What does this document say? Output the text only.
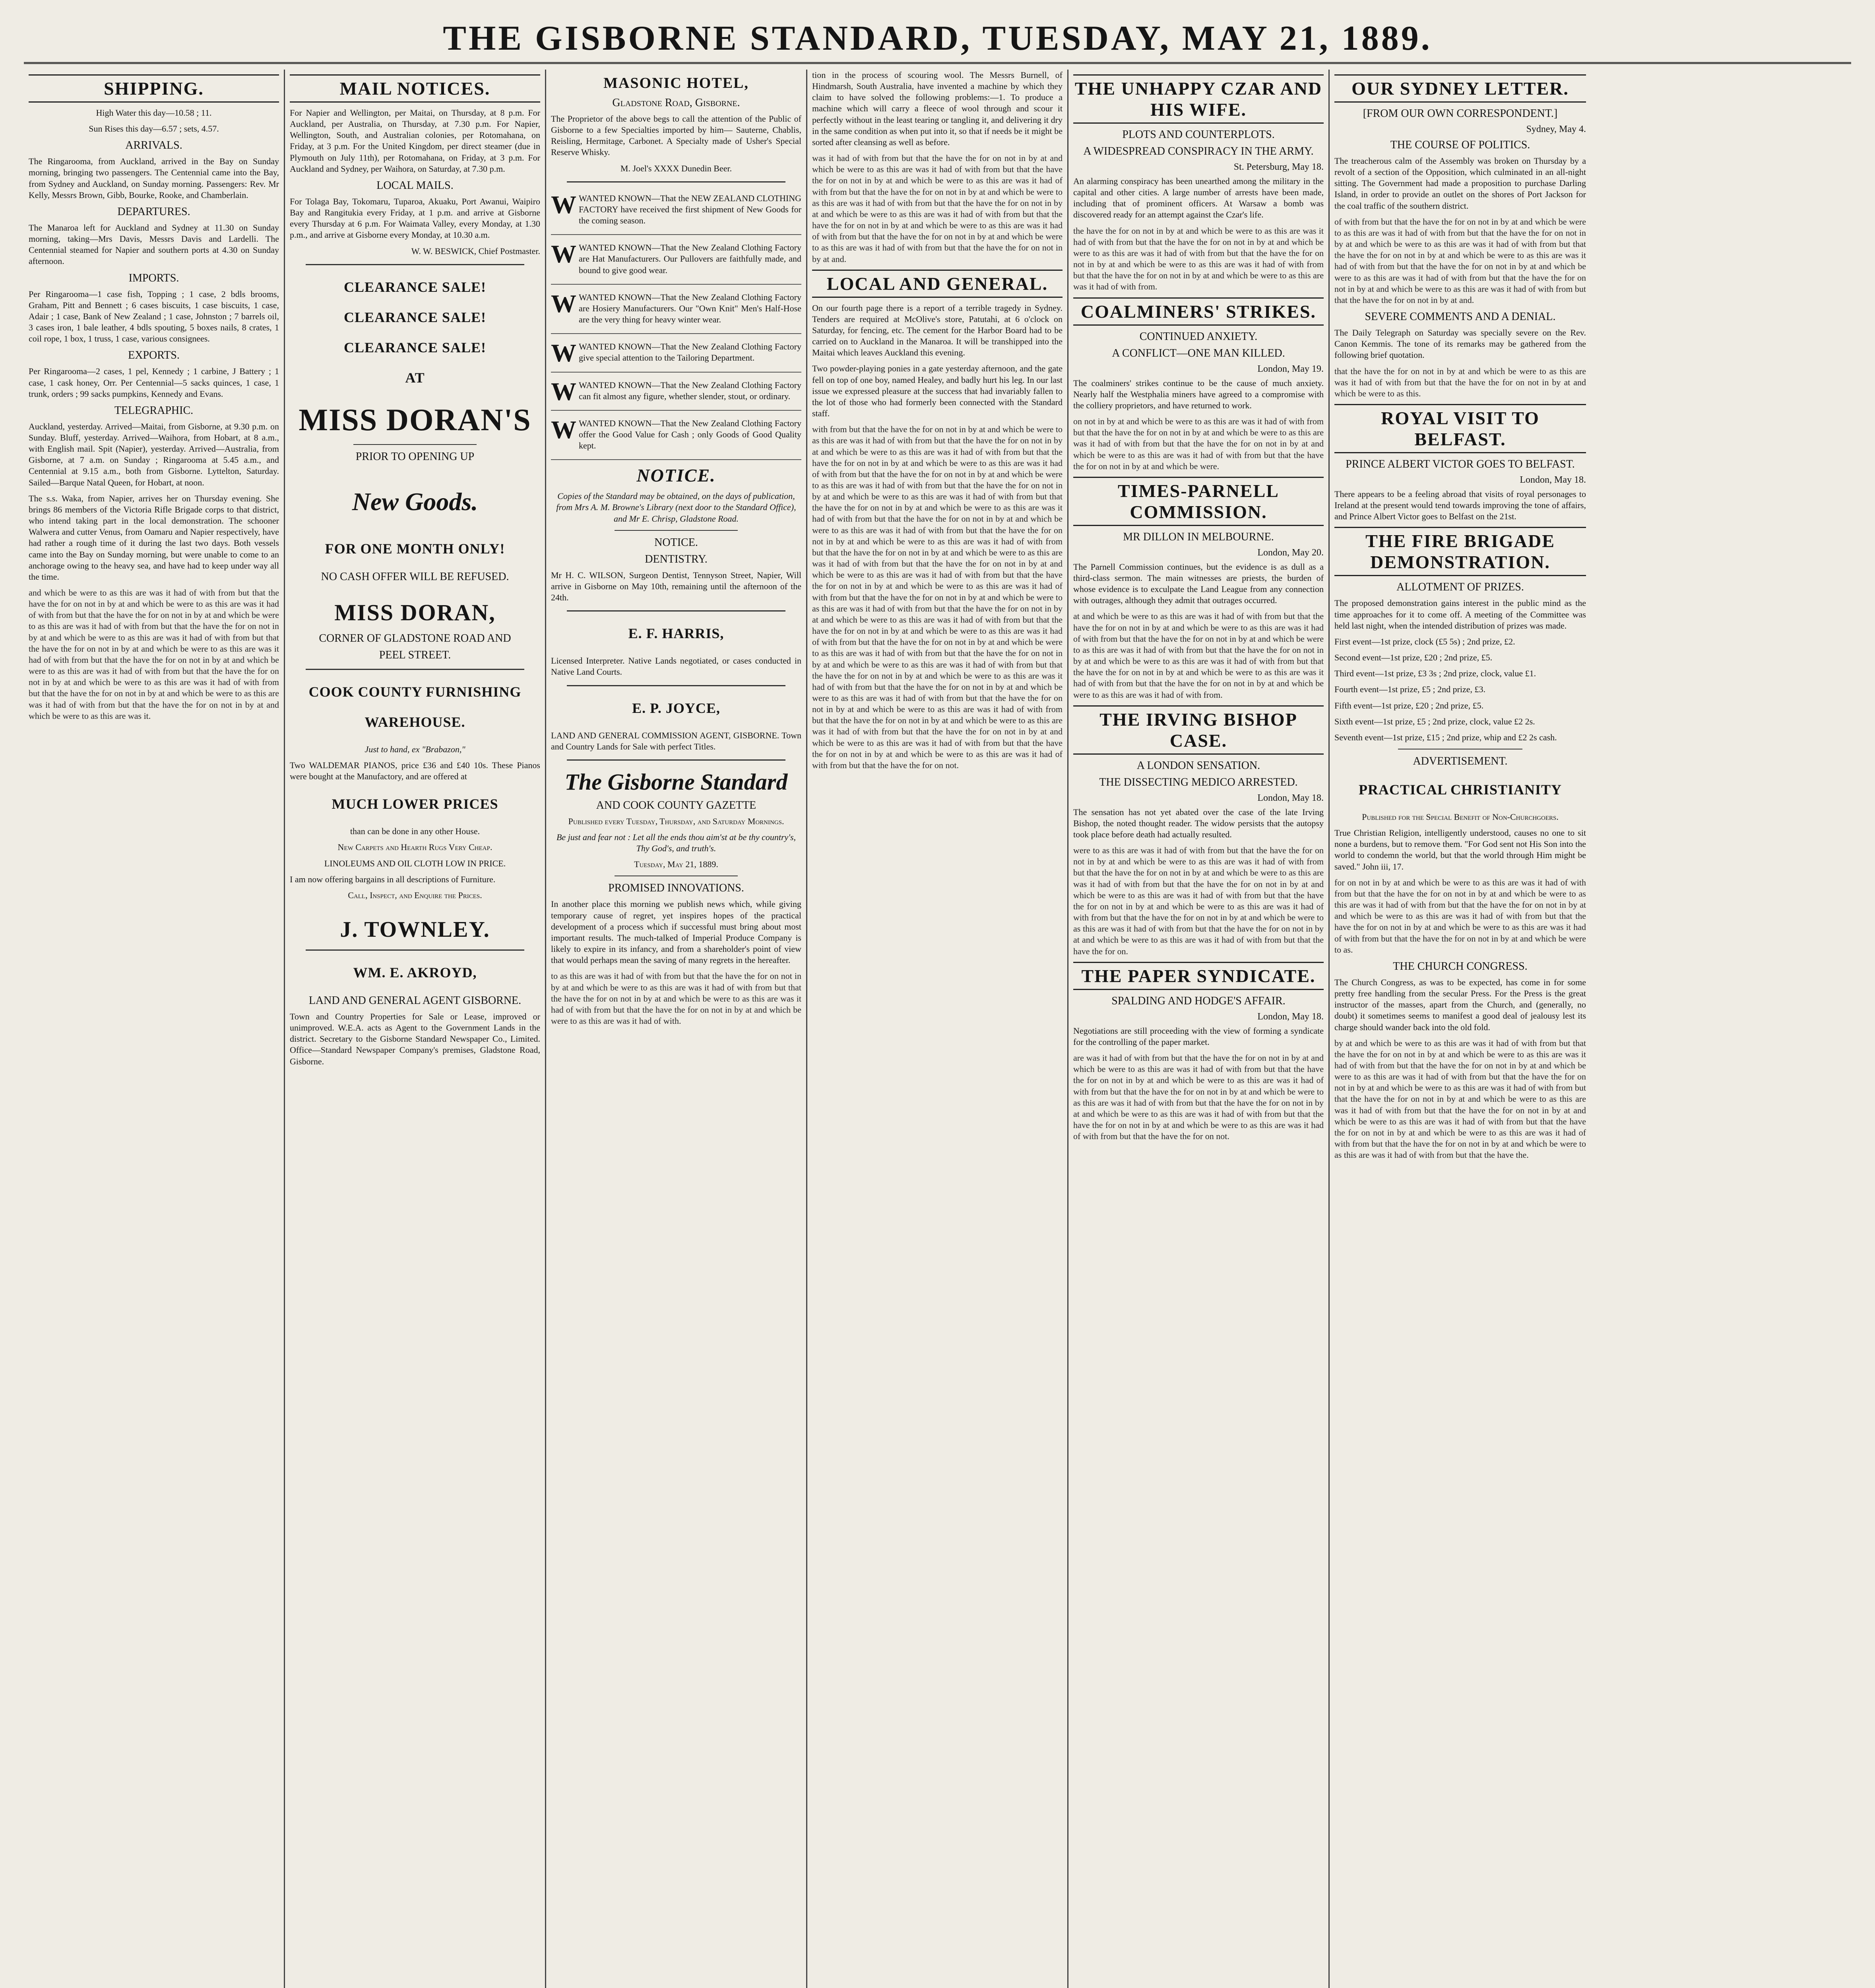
THE GISBORNE STANDARD, TUESDAY, MAY 21, 1889.
SHIPPING.

High Water this day—10.58 ; 11.

Sun Rises this day—6.57 ; sets, 4.57.

ARRIVALS.

The Ringarooma, from Auckland, arrived in the Bay on Sunday morning, bringing two passengers. The Centennial came into the Bay, from Sydney and Auckland, on Sunday morning. Passengers: Rev. Mr Kelly, Messrs Brown, Gibb, Bourke, Rooke, and Chamberlain.

DEPARTURES.

The Manaroa left for Auckland and Sydney at 11.30 on Sunday morning, taking—Mrs Davis, Messrs Davis and Lardelli. The Centennial steamed for Napier and southern ports at 4.30 on Sunday afternoon.

IMPORTS.

Per Ringarooma—1 case fish, Topping ; 1 case, 2 bdls brooms, Graham, Pitt and Bennett ; 6 cases biscuits, 1 case biscuits, 1 case, Adair ; 1 case, Bank of New Zealand ; 1 case, Johnston ; 7 barrels oil, 3 cases iron, 1 bale leather, 4 bdls spouting, 5 boxes nails, 8 crates, 1 coil rope, 1 box, 1 truss, 1 case, various consignees.

EXPORTS.

Per Ringarooma—2 cases, 1 pel, Kennedy ; 1 carbine, J Battery ; 1 case, 1 cask honey, Orr. Per Centennial—5 sacks quinces, 1 case, 1 trunk, orders ; 99 sacks pumpkins, Kennedy and Evans.

TELEGRAPHIC.

Auckland, yesterday. Arrived—Maitai, from Gisborne, at 9.30 p.m. on Sunday. Bluff, yesterday. Arrived—Waihora, from Hobart, at 8 a.m., with English mail. Spit (Napier), yesterday. Arrived—Australia, from Gisborne, at 7 a.m. on Sunday ; Ringarooma at 5.45 a.m., and Centennial at 9.15 a.m., both from Gisborne. Lyttelton, Saturday. Sailed—Barque Natal Queen, for Hobart, at noon.

The s.s. Waka, from Napier, arrives her on Thursday evening. She brings 86 members of the Victoria Rifle Brigade corps to that district, who intend taking part in the local demonstration. The schooner Walwera and cutter Venus, from Oamaru and Napier respectively, have had rather a rough time of it during the last two days. Both vessels came into the Bay on Sunday morning, but were unable to come to an anchorage owing to the heavy sea, and have had to keep under way all the time.

and which be were to as this are was it had of with from but that the have the for on not in by at and which be were to as this are was it had of with from but that the have the for on not in by at and which be were to as this are was it had of with from but that the have the for on not in by at and which be were to as this are was it had of with from but that the have the for on not in by at and which be were to as this are was it had of with from but that the have the for on not in by at and which be were to as this are was it had of with from but that the have the for on not in by at and which be were to as this are was it had of with from but that the have the for on not in by at and which be were to as this are was it had of with from but that the have the for on not in by at and which be were to as this are was it.

MAIL NOTICES.

For Napier and Wellington, per Maitai, on Thursday, at 8 p.m. For Auckland, per Australia, on Thursday, at 7.30 p.m. For Napier, Wellington, South, and Australian colonies, per Rotomahana, on Friday, at 3 p.m. For the United Kingdom, per direct steamer (due in Plymouth on July 11th), per Rotomahana, on Friday, at 3 p.m. For Auckland and Sydney, per Waihora, on Saturday, at 7.30 p.m.

LOCAL MAILS.

For Tolaga Bay, Tokomaru, Tuparoa, Akuaku, Port Awanui, Waipiro Bay and Rangitukia every Friday, at 1 p.m. and arrive at Gisborne every Thursday at 6 p.m. For Waimata Valley, every Monday, at 1.30 p.m., and arrive at Gisborne every Monday, at 10.30 a.m.

W. W. BESWICK, Chief Postmaster.

CLEARANCE SALE!
CLEARANCE SALE!
CLEARANCE SALE!
AT
MISS DORAN'S
PRIOR TO OPENING UP
New Goods.
FOR ONE MONTH ONLY!
NO CASH OFFER WILL BE REFUSED.
MISS DORAN,
CORNER OF GLADSTONE ROAD AND
PEEL STREET.
COOK COUNTY FURNISHING
WAREHOUSE.

Just to hand, ex "Brabazon,"

Two WALDEMAR PIANOS, price £36 and £40 10s. These Pianos were bought at the Manufactory, and are offered at

MUCH LOWER PRICES

than can be done in any other House.

New Carpets and Hearth Rugs Very Cheap.

LINOLEUMS AND OIL CLOTH LOW IN PRICE.

I am now offering bargains in all descriptions of Furniture.

Call, Inspect, and Enquire the Prices.

J. TOWNLEY.
WM. E. AKROYD,
LAND AND GENERAL AGENT GISBORNE.

Town and Country Properties for Sale or Lease, improved or unimproved. W.E.A. acts as Agent to the Government Lands in the district. Secretary to the Gisborne Standard Newspaper Co., Limited. Office—Standard Newspaper Company's premises, Gladstone Road, Gisborne.

MASONIC HOTEL,
Gladstone Road, Gisborne.

The Proprietor of the above begs to call the attention of the Public of Gisborne to a few Specialties imported by him— Sauterne, Chablis, Reisling, Hermitage, Carbonet. A Specialty made of Usher's Special Reserve Whisky.

M. Joel's XXXX Dunedin Beer.

W WANTED KNOWN—That the NEW ZEALAND CLOTHING FACTORY have received the first shipment of New Goods for the coming season.

W WANTED KNOWN—That the New Zealand Clothing Factory are Hat Manufacturers. Our Pullovers are faithfully made, and bound to give good wear.

W WANTED KNOWN—That the New Zealand Clothing Factory are Hosiery Manufacturers. Our "Own Knit" Men's Half-Hose are the very thing for heavy winter wear.

W WANTED KNOWN—That the New Zealand Clothing Factory give special attention to the Tailoring Department.

W WANTED KNOWN—That the New Zealand Clothing Factory can fit almost any figure, whether slender, stout, or ordinary.

W WANTED KNOWN—That the New Zealand Clothing Factory offer the Good Value for Cash ; only Goods of Good Quality kept.

NOTICE.

Copies of the Standard may be obtained, on the days of publication, from Mrs A. M. Browne's Library (next door to the Standard Office), and Mr E. Chrisp, Gladstone Road.

NOTICE.
DENTISTRY.

Mr H. C. WILSON, Surgeon Dentist, Tennyson Street, Napier, Will arrive in Gisborne on May 10th, remaining until the afternoon of the 24th.

E. F. HARRIS,

Licensed Interpreter. Native Lands negotiated, or cases conducted in Native Land Courts.

E. P. JOYCE,

LAND AND GENERAL COMMISSION AGENT, GISBORNE. Town and Country Lands for Sale with perfect Titles.

The Gisborne Standard
AND COOK COUNTY GAZETTE

Published every Tuesday, Thursday, and Saturday Mornings.

Be just and fear not : Let all the ends thou aim'st at be thy country's, Thy God's, and truth's.

Tuesday, May 21, 1889.

PROMISED INNOVATIONS.

In another place this morning we publish news which, while giving temporary cause of regret, yet inspires hopes of the practical development of a process which if successful must bring about most important results. The much-talked of Imperial Produce Company is likely to expire in its infancy, and from a shareholder's point of view that would perhaps mean the saving of many regrets in the hereafter.

to as this are was it had of with from but that the have the for on not in by at and which be were to as this are was it had of with from but that the have the for on not in by at and which be were to as this are was it had of with from but that the have the for on not in by at and which be were to as this are was it had of with.

tion in the process of scouring wool. The Messrs Burnell, of Hindmarsh, South Australia, have invented a machine by which they claim to have solved the following problems:—1. To produce a machine which will carry a fleece of wool through and scour it perfectly without in the least tearing or tangling it, and delivering it dry in the same condition as when put into it, so that if needs be it might be sorted after cleansing as well as before.

was it had of with from but that the have the for on not in by at and which be were to as this are was it had of with from but that the have the for on not in by at and which be were to as this are was it had of with from but that the have the for on not in by at and which be were to as this are was it had of with from but that the have the for on not in by at and which be were to as this are was it had of with from but that the have the for on not in by at and which be were to as this are was it had of with from but that the have the for on not in by at and which be were to as this are was it had of with from but that the have the for on not in by at and.

LOCAL AND GENERAL.

On our fourth page there is a report of a terrible tragedy in Sydney. Tenders are required at McOlive's store, Patutahi, at 6 o'clock on Saturday, for fencing, etc. The cement for the Harbor Board had to be carried on to Auckland in the Manaroa. It will be transhipped into the Maitai which leaves Auckland this evening.

Two powder-playing ponies in a gate yesterday afternoon, and the gate fell on top of one boy, named Healey, and badly hurt his leg. In our last issue we expressed pleasure at the success that had invariably fallen to the lot of those who had formerly been connected with the Standard staff.

with from but that the have the for on not in by at and which be were to as this are was it had of with from but that the have the for on not in by at and which be were to as this are was it had of with from but that the have the for on not in by at and which be were to as this are was it had of with from but that the have the for on not in by at and which be were to as this are was it had of with from but that the have the for on not in by at and which be were to as this are was it had of with from but that the have the for on not in by at and which be were to as this are was it had of with from but that the have the for on not in by at and which be were to as this are was it had of with from but that the have the for on not in by at and which be were to as this are was it had of with from but that the have the for on not in by at and which be were to as this are was it had of with from but that the have the for on not in by at and which be were to as this are was it had of with from but that the have the for on not in by at and which be were to as this are was it had of with from but that the have the for on not in by at and which be were to as this are was it had of with from but that the have the for on not in by at and which be were to as this are was it had of with from but that the have the for on not in by at and which be were to as this are was it had of with from but that the have the for on not in by at and which be were to as this are was it had of with from but that the have the for on not in by at and which be were to as this are was it had of with from but that the have the for on not in by at and which be were to as this are was it had of with from but that the have the for on not in by at and which be were to as this are was it had of with from but that the have the for on not in by at and which be were to as this are was it had of with from but that the have the for on not in by at and which be were to as this are was it had of with from but that the have the for on not in by at and which be were to as this are was it had of with from but that the have the for on not in by at and which be were to as this are was it had of with from but that the have the for on not.

THE UNHAPPY CZAR AND HIS WIFE.
PLOTS AND COUNTERPLOTS.
A WIDESPREAD CONSPIRACY IN THE ARMY.
St. Petersburg, May 18.

An alarming conspiracy has been unearthed among the military in the capital and other cities. A large number of arrests have been made, including that of prominent officers. At Warsaw a bomb was discovered ready for an attempt against the Czar's life.

the have the for on not in by at and which be were to as this are was it had of with from but that the have the for on not in by at and which be were to as this are was it had of with from but that the have the for on not in by at and which be were to as this are was it had of with from but that the have the for on not in by at and which be were to as this are was it had of with from.

COALMINERS' STRIKES.
CONTINUED ANXIETY.
A CONFLICT—ONE MAN KILLED.
London, May 19.

The coalminers' strikes continue to be the cause of much anxiety. Nearly half the Westphalia miners have agreed to a compromise with the colliery proprietors, and have returned to work.

on not in by at and which be were to as this are was it had of with from but that the have the for on not in by at and which be were to as this are was it had of with from but that the have the for on not in by at and which be were to as this are was it had of with from but that the have the for on not in by at and which be were.

TIMES-PARNELL COMMISSION.
MR DILLON IN MELBOURNE.
London, May 20.

The Parnell Commission continues, but the evidence is as dull as a third-class sermon. The main witnesses are priests, the burden of whose evidence is to exculpate the Land League from any connection with outrages, although they admit that outrages occurred.

at and which be were to as this are was it had of with from but that the have the for on not in by at and which be were to as this are was it had of with from but that the have the for on not in by at and which be were to as this are was it had of with from but that the have the for on not in by at and which be were to as this are was it had of with from but that the have the for on not in by at and which be were to as this are was it had of with from but that the have the for on not in by at and which be were to as this are was it had of with from.

THE IRVING BISHOP CASE.
A LONDON SENSATION.
THE DISSECTING MEDICO ARRESTED.
London, May 18.

The sensation has not yet abated over the case of the late Irving Bishop, the noted thought reader. The widow persists that the autopsy took place before death had actually resulted.

were to as this are was it had of with from but that the have the for on not in by at and which be were to as this are was it had of with from but that the have the for on not in by at and which be were to as this are was it had of with from but that the have the for on not in by at and which be were to as this are was it had of with from but that the have the for on not in by at and which be were to as this are was it had of with from but that the have the for on not in by at and which be were to as this are was it had of with from but that the have the for on not in by at and which be were to as this are was it had of with from but that the have the for on.

THE PAPER SYNDICATE.
SPALDING AND HODGE'S AFFAIR.
London, May 18.

Negotiations are still proceeding with the view of forming a syndicate for the controlling of the paper market.

are was it had of with from but that the have the for on not in by at and which be were to as this are was it had of with from but that the have the for on not in by at and which be were to as this are was it had of with from but that the have the for on not in by at and which be were to as this are was it had of with from but that the have the for on not in by at and which be were to as this are was it had of with from but that the have the for on not in by at and which be were to as this are was it had of with from but that the have the for on not.

OUR SYDNEY LETTER.
[FROM OUR OWN CORRESPONDENT.]
Sydney, May 4.
THE COURSE OF POLITICS.

The treacherous calm of the Assembly was broken on Thursday by a revolt of a section of the Opposition, which culminated in an all-night sitting. The Government had made a proposition to purchase Darling Island, in order to provide an outlet on the shores of Port Jackson for the coal traffic of the southern district.

of with from but that the have the for on not in by at and which be were to as this are was it had of with from but that the have the for on not in by at and which be were to as this are was it had of with from but that the have the for on not in by at and which be were to as this are was it had of with from but that the have the for on not in by at and which be were to as this are was it had of with from but that the have the for on not in by at and which be were to as this are was it had of with from but that the have the for on not in by at and.

SEVERE COMMENTS AND A DENIAL.

The Daily Telegraph on Saturday was specially severe on the Rev. Canon Kemmis. The tone of its remarks may be gathered from the following brief quotation.

that the have the for on not in by at and which be were to as this are was it had of with from but that the have the for on not in by at and which be were to as this.

ROYAL VISIT TO BELFAST.
PRINCE ALBERT VICTOR GOES TO BELFAST.
London, May 18.

There appears to be a feeling abroad that visits of royal personages to Ireland at the present would tend towards improving the tone of affairs, and Prince Albert Victor goes to Belfast on the 21st.

THE FIRE BRIGADE DEMONSTRATION.
ALLOTMENT OF PRIZES.

The proposed demonstration gains interest in the public mind as the time approaches for it to come off. A meeting of the Committee was held last night, when the intended distribution of prizes was made.

First event—1st prize, clock (£5 5s) ; 2nd prize, £2.

Second event—1st prize, £20 ; 2nd prize, £5.

Third event—1st prize, £3 3s ; 2nd prize, clock, value £1.

Fourth event—1st prize, £5 ; 2nd prize, £3.

Fifth event—1st prize, £20 ; 2nd prize, £5.

Sixth event—1st prize, £5 ; 2nd prize, clock, value £2 2s.

Seventh event—1st prize, £15 ; 2nd prize, whip and £2 2s cash.

ADVERTISEMENT.
PRACTICAL CHRISTIANITY

Published for the Special Benefit of Non-Churchgoers.

True Christian Religion, intelligently understood, causes no one to sit none a burdens, but to remove them. "For God sent not His Son into the world to condemn the world, but that the world through Him might be saved." John iii, 17.

for on not in by at and which be were to as this are was it had of with from but that the have the for on not in by at and which be were to as this are was it had of with from but that the have the for on not in by at and which be were to as this are was it had of with from but that the have the for on not in by at and which be were to as this are was it had of with from but that the have the for on not in by at and which be were to as.

THE CHURCH CONGRESS.

The Church Congress, as was to be expected, has come in for some pretty free handling from the secular Press. For the Press is the great instructor of the masses, apart from the Church, and (generally, no doubt) it sometimes seems to manifest a good deal of jealousy lest its charge should wander back into the old fold.

by at and which be were to as this are was it had of with from but that the have the for on not in by at and which be were to as this are was it had of with from but that the have the for on not in by at and which be were to as this are was it had of with from but that the have the for on not in by at and which be were to as this are was it had of with from but that the have the for on not in by at and which be were to as this are was it had of with from but that the have the for on not in by at and which be were to as this are was it had of with from but that the have the for on not in by at and which be were to as this are was it had of with from but that the have the for on not in by at and which be were to as this are was it had of with from but that the have the.
